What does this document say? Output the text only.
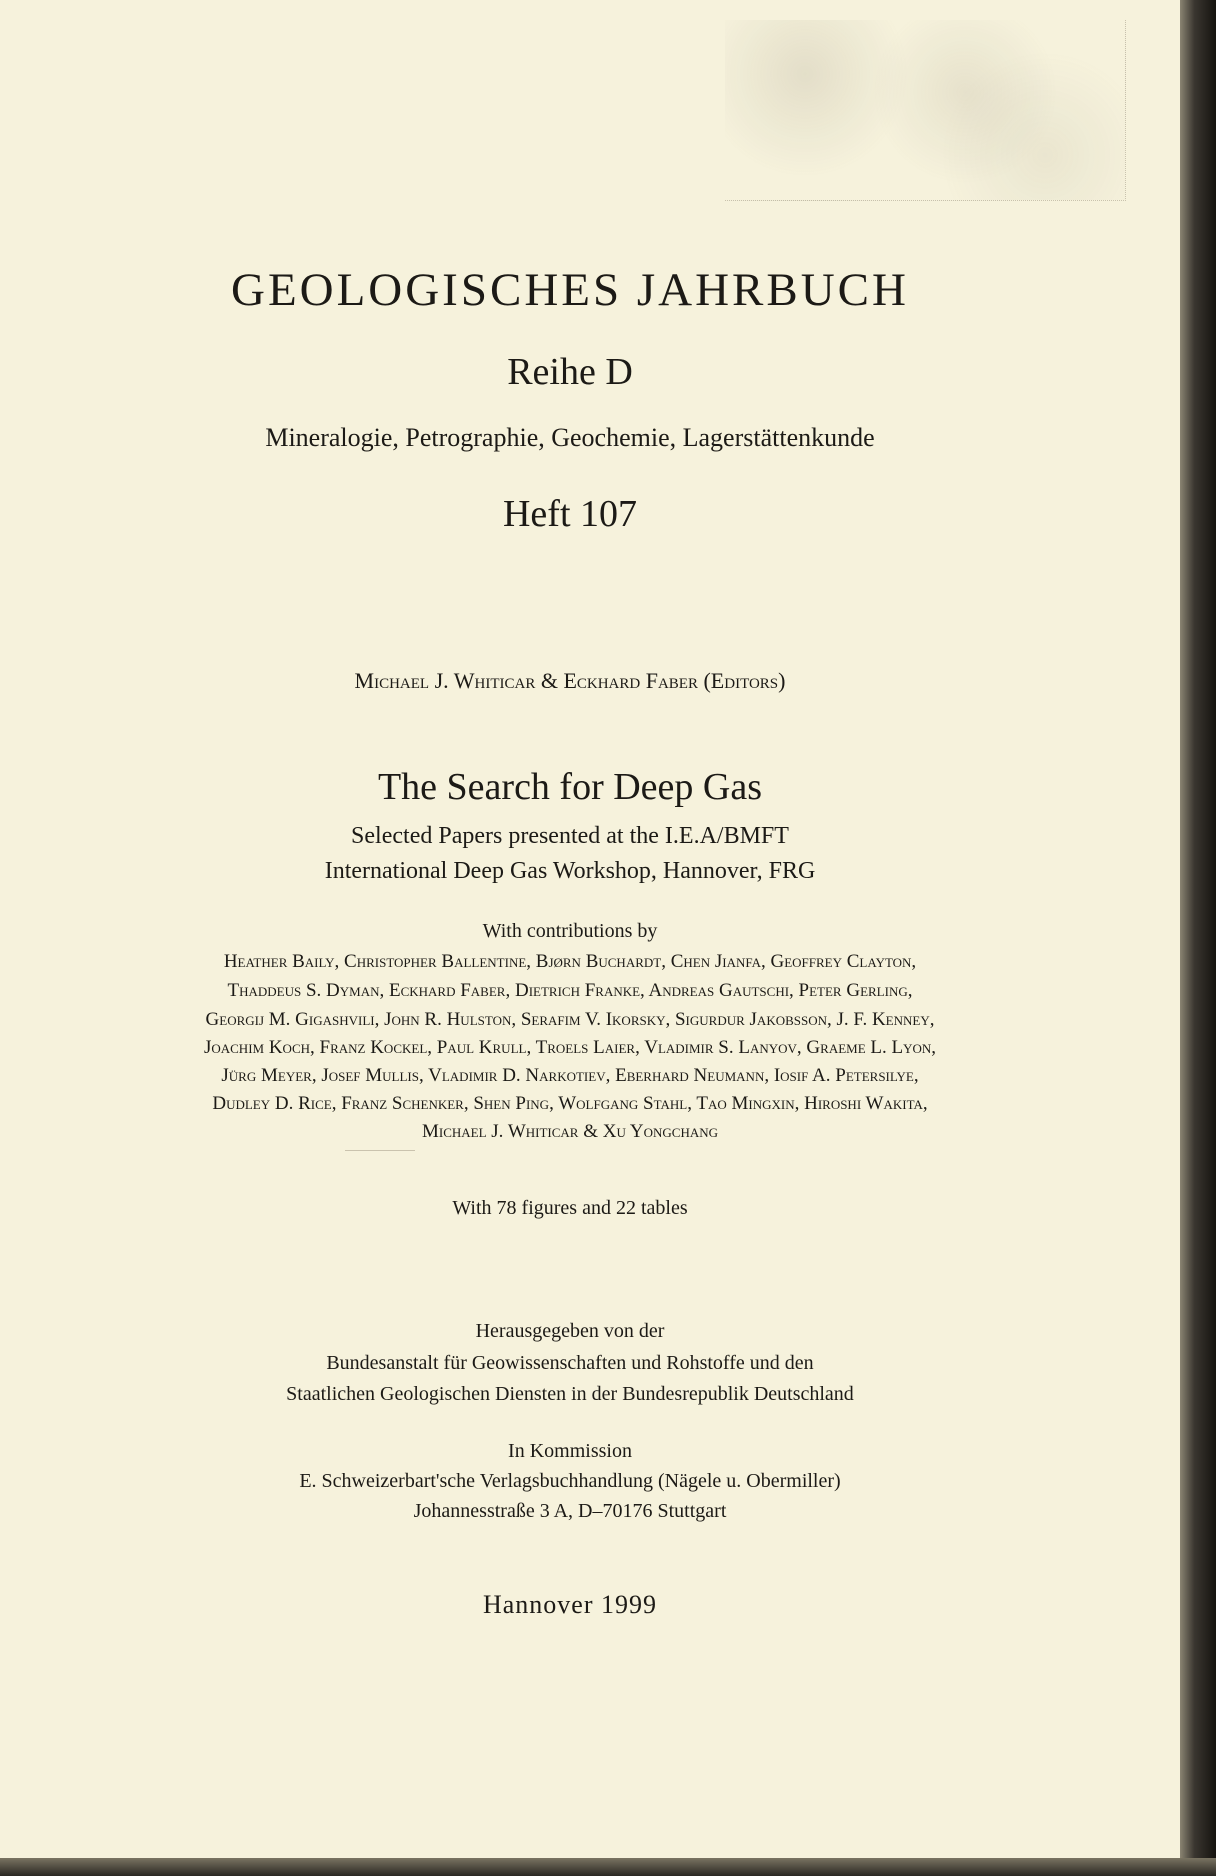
GEOLOGISCHES JAHRBUCH
Reihe D
Mineralogie, Petrographie, Geochemie, Lagerstättenkunde
Heft 107
Michael J. Whiticar & Eckhard Faber (Editors)
The Search for Deep Gas
Selected Papers presented at the I.E.A/BMFT
International Deep Gas Workshop, Hannover, FRG
With contributions by
Heather Baily, Christopher Ballentine, Bjørn Buchardt, Chen Jianfa, Geoffrey Clayton,
Thaddeus S. Dyman, Eckhard Faber, Dietrich Franke, Andreas Gautschi, Peter Gerling,
Georgij M. Gigashvili, John R. Hulston, Serafim V. Ikorsky, Sigurdur Jakobsson, J. F. Kenney,
Joachim Koch, Franz Kockel, Paul Krull, Troels Laier, Vladimir S. Lanyov, Graeme L. Lyon,
Jürg Meyer, Josef Mullis, Vladimir D. Narkotiev, Eberhard Neumann, Iosif A. Petersilye,
Dudley D. Rice, Franz Schenker, Shen Ping, Wolfgang Stahl, Tao Mingxin, Hiroshi Wakita,
Michael J. Whiticar & Xu Yongchang
With 78 figures and 22 tables
Herausgegeben von der
Bundesanstalt für Geowissenschaften und Rohstoffe und den
Staatlichen Geologischen Diensten in der Bundesrepublik Deutschland
In Kommission
E. Schweizerbart'sche Verlagsbuchhandlung (Nägele u. Obermiller)
Johannesstraße 3 A, D–70176 Stuttgart
Hannover 1999
